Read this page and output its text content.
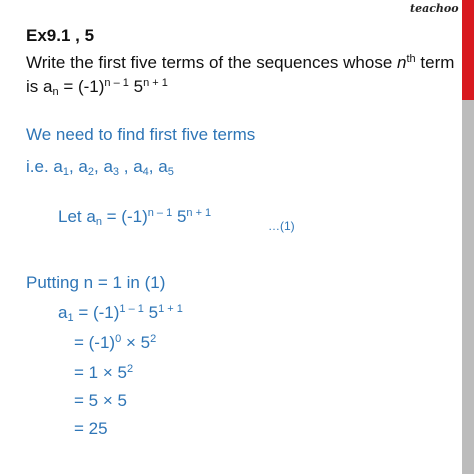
teachoo
Ex9.1 , 5
Write the first five terms of the sequences whose $n^{th}$ term
is $a_n = (-1)^{n - 1}$ $5^{n + 1}$
We need to find first five terms
i.e. $a_1$, $a_2$, $a_3$ , $a_4$, $a_5$
Let $a_n = (-1)^{n - 1}$ $5^{n + 1}$
…(1)
Putting n = 1 in (1)
$a_1 = (-1)^{1 - 1}$ $5^{1 + 1}$
= $(-1)^0 \times 5^2$
= $1 \times 5^2$
= 5 × 5
= 25
